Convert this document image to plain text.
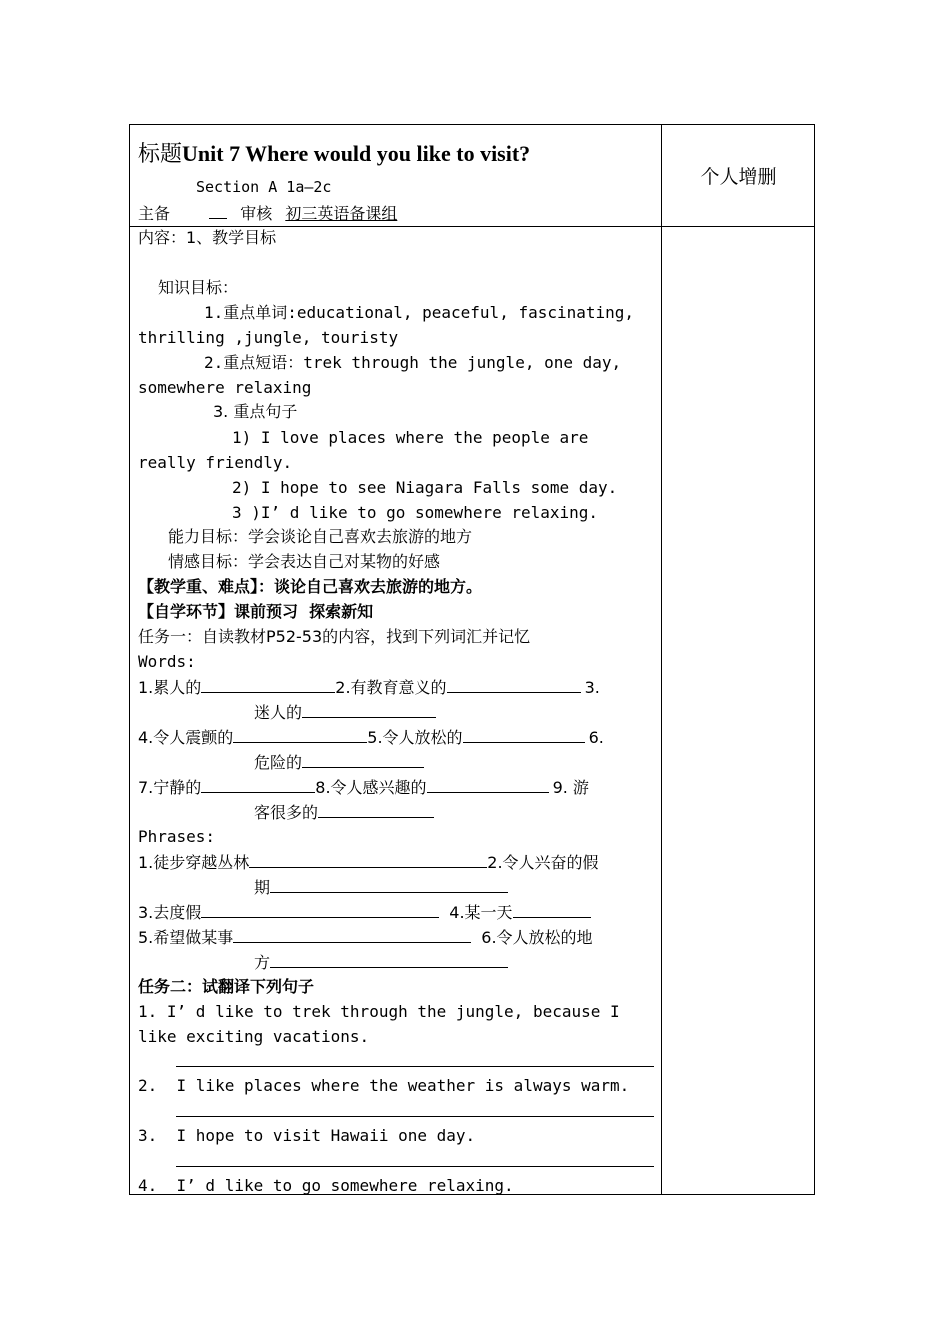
标题Unit 7 Where would you like to visit?
Section A 1a—2c
主备	审核 初三英语备课组
个人增删
内容：1、教学目标
知识目标：
1.重点单词:educational, peaceful, fascinating,
thrilling ,jungle, touristy
2.重点短语：trek through the jungle, one day,
somewhere relaxing
3. 重点句子
1) I love places where the people are
really friendly.
2) I hope to see Niagara Falls some day.
3 )I’ d like to go somewhere relaxing.
能力目标：学会谈论自己喜欢去旅游的地方
情感目标：学会表达自己对某物的好感
【教学重、难点】：谈论自己喜欢去旅游的地方。
【自学环节】课前预习  探索新知
任务一：自读教材P52-53的内容，找到下列词汇并记忆
Words:
1.累人的	2.有教育意义的	3.
迷人的
4.令人震颤的	5.令人放松的	6.
危险的
7.宁静的	8.令人感兴趣的	9. 游
客很多的
Phrases:
1.徒步穿越丛林	2.令人兴奋的假
期
3.去度假	4.某一天
5.希望做某事	6.令人放松的地
方
任务二：试翻译下列句子
1. I’ d like to trek through the jungle, because I
like exciting vacations.
2.  I like places where the weather is always warm.
3.  I hope to visit Hawaii one day.
4.  I’ d like to go somewhere relaxing.
